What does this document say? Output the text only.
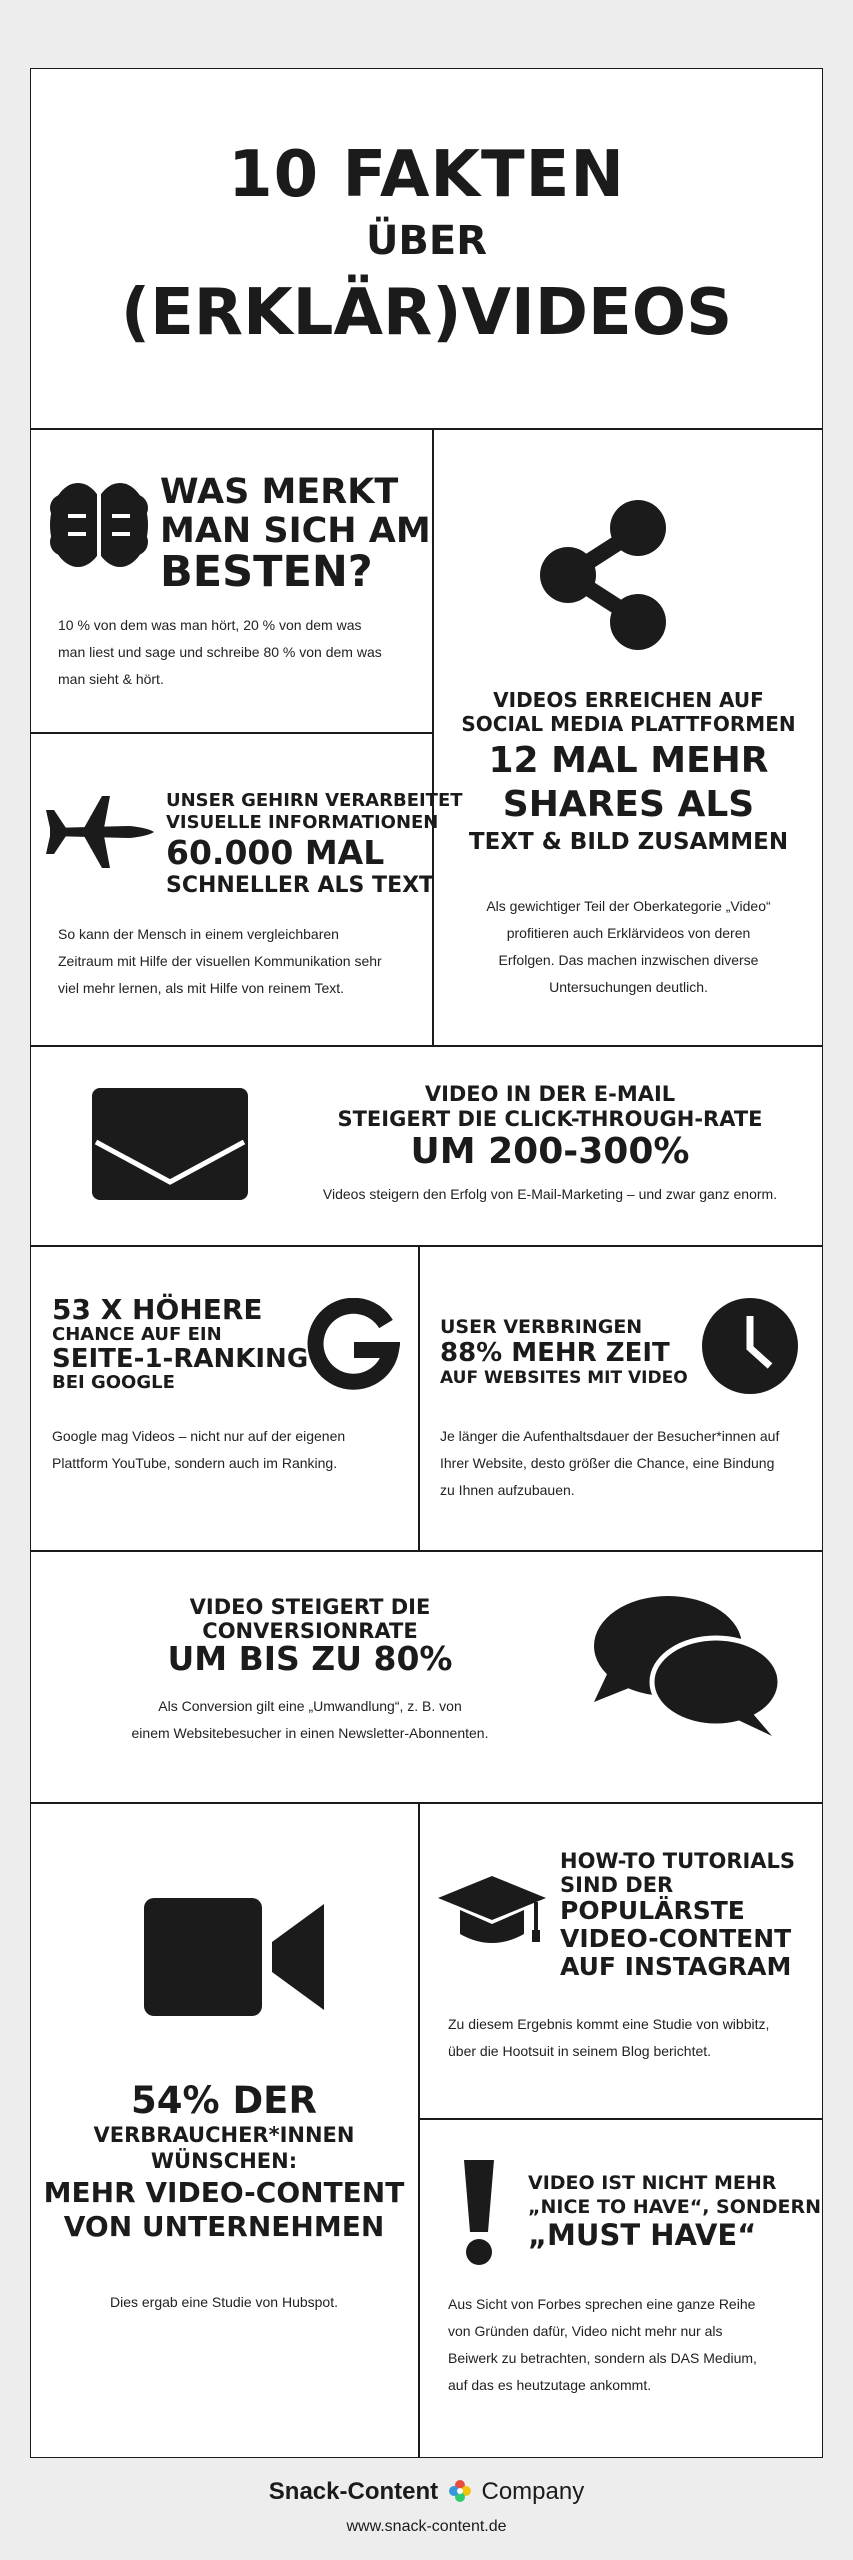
10 FAKTEN
ÜBER
(ERKLÄR)VIDEOS
WAS MERKT
MAN SICH AM
BESTEN?
10 % von dem was man hört, 20 % von dem was
man liest und sage und schreibe 80 % von dem was
man sieht & hört.
VIDEOS ERREICHEN AUF
SOCIAL MEDIA PLATTFORMEN
12 MAL MEHR
SHARES ALS
TEXT & BILD ZUSAMMEN
Als gewichtiger Teil der Oberkategorie „Video“
profitieren auch Erklärvideos von deren
Erfolgen. Das machen inzwischen diverse
Untersuchungen deutlich.
UNSER GEHIRN VERARBEITET
VISUELLE INFORMATIONEN
60.000 MAL
SCHNELLER ALS TEXT
So kann der Mensch in einem vergleichbaren
Zeitraum mit Hilfe der visuellen Kommunikation sehr
viel mehr lernen, als mit Hilfe von reinem Text.
VIDEO IN DER E-MAIL
STEIGERT DIE CLICK-THROUGH-RATE
UM 200-300%
Videos steigern den Erfolg von E-Mail-Marketing – und zwar ganz enorm.
53 X HÖHERE
CHANCE AUF EIN
SEITE-1-RANKING
BEI GOOGLE
Google mag Videos – nicht nur auf der eigenen
Plattform YouTube, sondern auch im Ranking.
USER VERBRINGEN
88% MEHR ZEIT
AUF WEBSITES MIT VIDEO
Je länger die Aufenthaltsdauer der Besucher*innen auf
Ihrer Website, desto größer die Chance, eine Bindung
zu Ihnen aufzubauen.
VIDEO STEIGERT DIE
CONVERSIONRATE
UM BIS ZU 80%
Als Conversion gilt eine „Umwandlung“, z. B. von
einem Websitebesucher in einen Newsletter-Abonnenten.
54% DER
VERBRAUCHER*INNEN
WÜNSCHEN:
MEHR VIDEO-CONTENT
VON UNTERNEHMEN
Dies ergab eine Studie von Hubspot.
HOW-TO TUTORIALS
SIND DER
POPULÄRSTE
VIDEO-CONTENT
AUF INSTAGRAM
Zu diesem Ergebnis kommt eine Studie von wibbitz,
über die Hootsuit in seinem Blog berichtet.
VIDEO IST NICHT MEHR
„NICE TO HAVE“, SONDERN
„MUST HAVE“
Aus Sicht von Forbes sprechen eine ganze Reihe
von Gründen dafür, Video nicht mehr nur als
Beiwerk zu betrachten, sondern als DAS Medium,
auf das es heutzutage ankommt.
Snack-Content Company
www.snack-content.de
